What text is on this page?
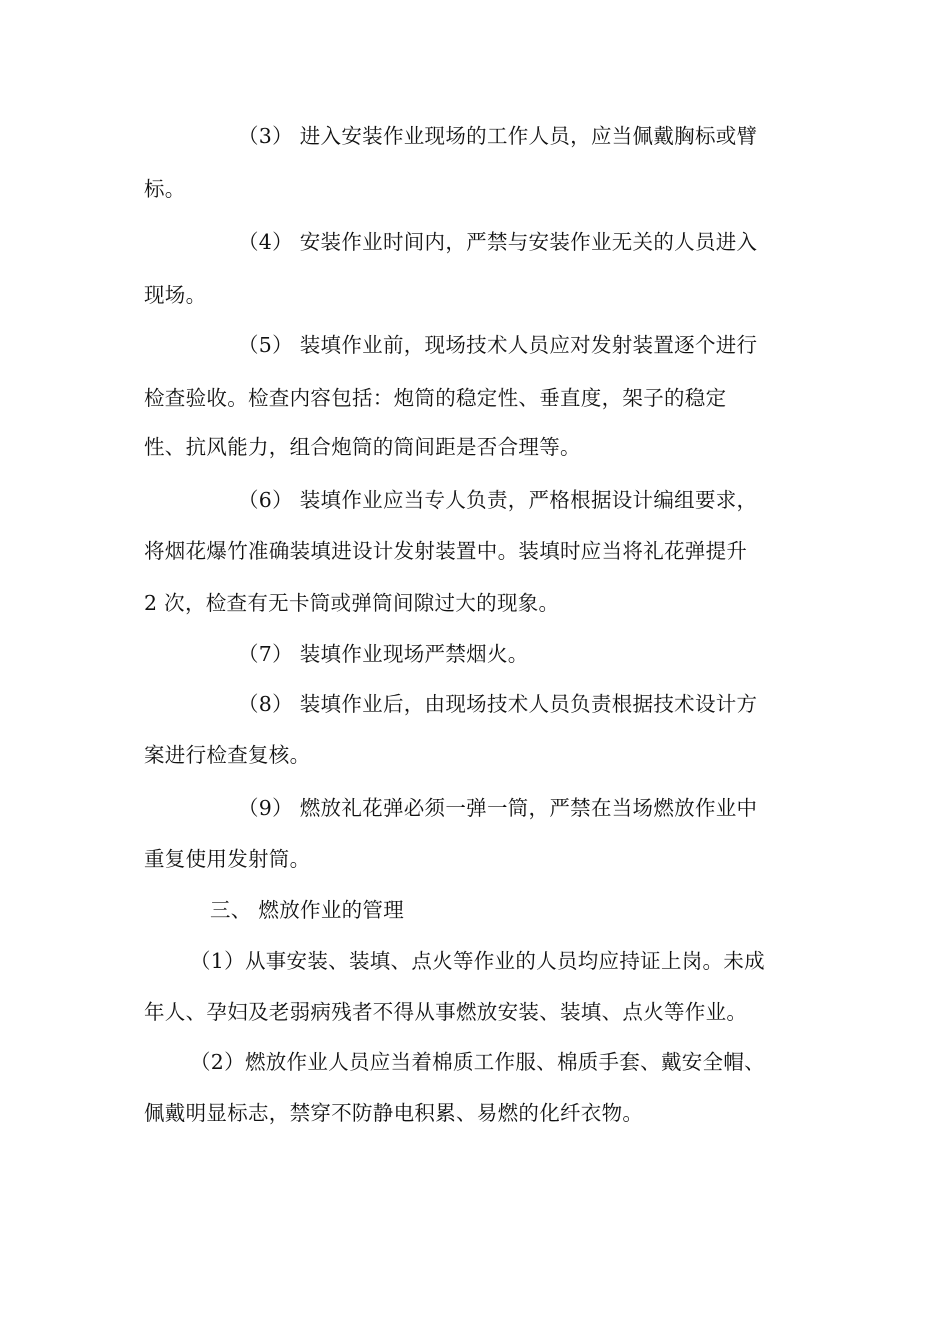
（3） 进入安装作业现场的工作人员，应当佩戴胸标或臂
标。
（4） 安装作业时间内，严禁与安装作业无关的人员进入
现场。
（5） 装填作业前，现场技术人员应对发射装置逐个进行
检查验收。检查内容包括：炮筒的稳定性、垂直度，架子的稳定
性、抗风能力，组合炮筒的筒间距是否合理等。
（6） 装填作业应当专人负责，严格根据设计编组要求，
将烟花爆竹准确装填进设计发射装置中。装填时应当将礼花弹提升
2 次，检查有无卡筒或弹筒间隙过大的现象。
（7） 装填作业现场严禁烟火。
（8） 装填作业后，由现场技术人员负责根据技术设计方
案进行检查复核。
（9） 燃放礼花弹必须一弹一筒，严禁在当场燃放作业中
重复使用发射筒。
三、 燃放作业的管理
（1）从事安装、装填、点火等作业的人员均应持证上岗。未成
年人、孕妇及老弱病残者不得从事燃放安装、装填、点火等作业。
（2）燃放作业人员应当着棉质工作服、棉质手套、戴安全帽、
佩戴明显标志，禁穿不防静电积累、易燃的化纤衣物。
